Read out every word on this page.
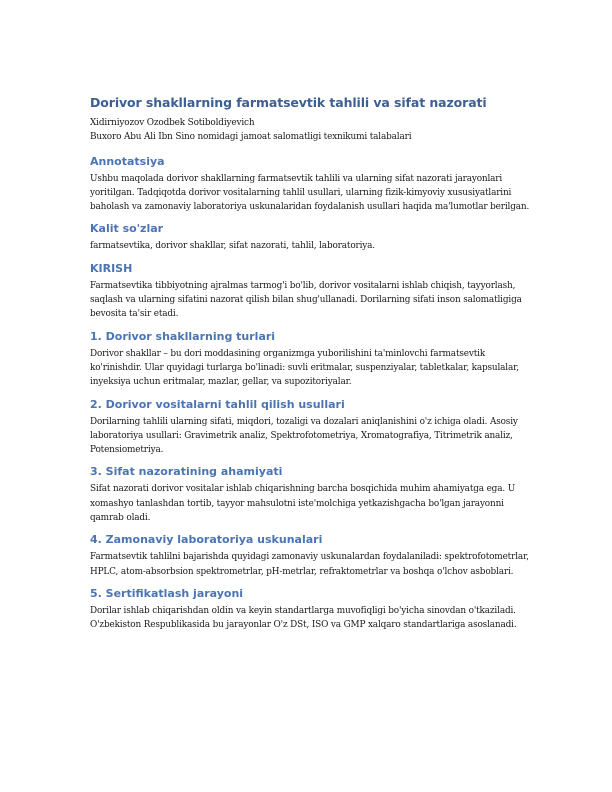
Dorivor shakllarning farmatsevtik tahlili va sifat nazorati

Xidirniyozov Ozodbek Sotiboldiyevich

Buxoro Abu Ali Ibn Sino nomidagi jamoat salomatligi texnikumi talabalari

Annotatsiya

Ushbu maqolada dorivor shakllarning farmatsevtik tahlili va ularning sifat nazorati jarayonlari yoritilgan. Tadqiqotda dorivor vositalarning tahlil usullari, ularning fizik-kimyoviy xususiyatlarini baholash va zamonaviy laboratoriya uskunalaridan foydalanish usullari haqida ma'lumotlar berilgan.

Kalit so'zlar

farmatsevtika, dorivor shakllar, sifat nazorati, tahlil, laboratoriya.

KIRISH

Farmatsevtika tibbiyotning ajralmas tarmog'i bo'lib, dorivor vositalarni ishlab chiqish, tayyorlash, saqlash va ularning sifatini nazorat qilish bilan shug'ullanadi. Dorilarning sifati inson salomatligiga bevosita ta'sir etadi.

1. Dorivor shakllarning turlari

Dorivor shakllar – bu dori moddasining organizmga yuborilishini ta'minlovchi farmatsevtik ko'rinishdir. Ular quyidagi turlarga bo'linadi: suvli eritmalar, suspenziyalar, tabletkalar, kapsulalar, inyeksiya uchun eritmalar, mazlar, gellar, va supozitoriyalar.

2. Dorivor vositalarni tahlil qilish usullari

Dorilarning tahlili ularning sifati, miqdori, tozaligi va dozalari aniqlanishini o'z ichiga oladi. Asosiy laboratoriya usullari: Gravimetrik analiz, Spektrofotometriya, Xromatografiya, Titrimetrik analiz, Potensiometriya.

3. Sifat nazoratining ahamiyati

Sifat nazorati dorivor vositalar ishlab chiqarishning barcha bosqichida muhim ahamiyatga ega. U xomashyo tanlashdan tortib, tayyor mahsulotni iste'molchiga yetkazishgacha bo'lgan jarayonni qamrab oladi.

4. Zamonaviy laboratoriya uskunalari

Farmatsevtik tahlilni bajarishda quyidagi zamonaviy uskunalardan foydalaniladi: spektrofotometrlar, HPLC, atom-absorbsion spektrometrlar, pH-metrlar, refraktometrlar va boshqa o'lchov asboblari.

5. Sertifikatlash jarayoni

Dorilar ishlab chiqarishdan oldin va keyin standartlarga muvofiqligi bo'yicha sinovdan o'tkaziladi. O'zbekiston Respublikasida bu jarayonlar O'z DSt, ISO va GMP xalqaro standartlariga asoslanadi.
